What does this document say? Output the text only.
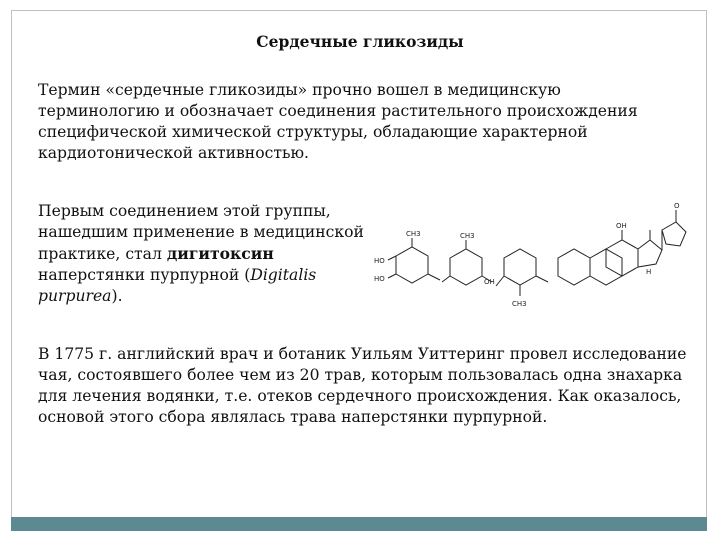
Сердечные гликозиды

Термин «сердечные гликозиды» прочно вошел в медицинскую терминологию и обозначает соединения растительного происхождения специфической химической структуры, обладающие характерной кардиотонической активностью.

Первым соединением этой группы, нашедшим применение в медицинской практике, стал дигитоксин наперстянки пурпурной (Digitalis purpurea).

HO
HO
CH3	CH3
CH3
OH
OH
H
O

В 1775 г. английский врач и ботаник Уильям Уиттеринг провел исследование чая, состоявшего более чем из 20 трав, которым пользовалась одна знахарка для лечения водянки, т.е. отеков сердечного происхождения. Как оказалось, основой этого сбора являлась трава наперстянки пурпурной.
